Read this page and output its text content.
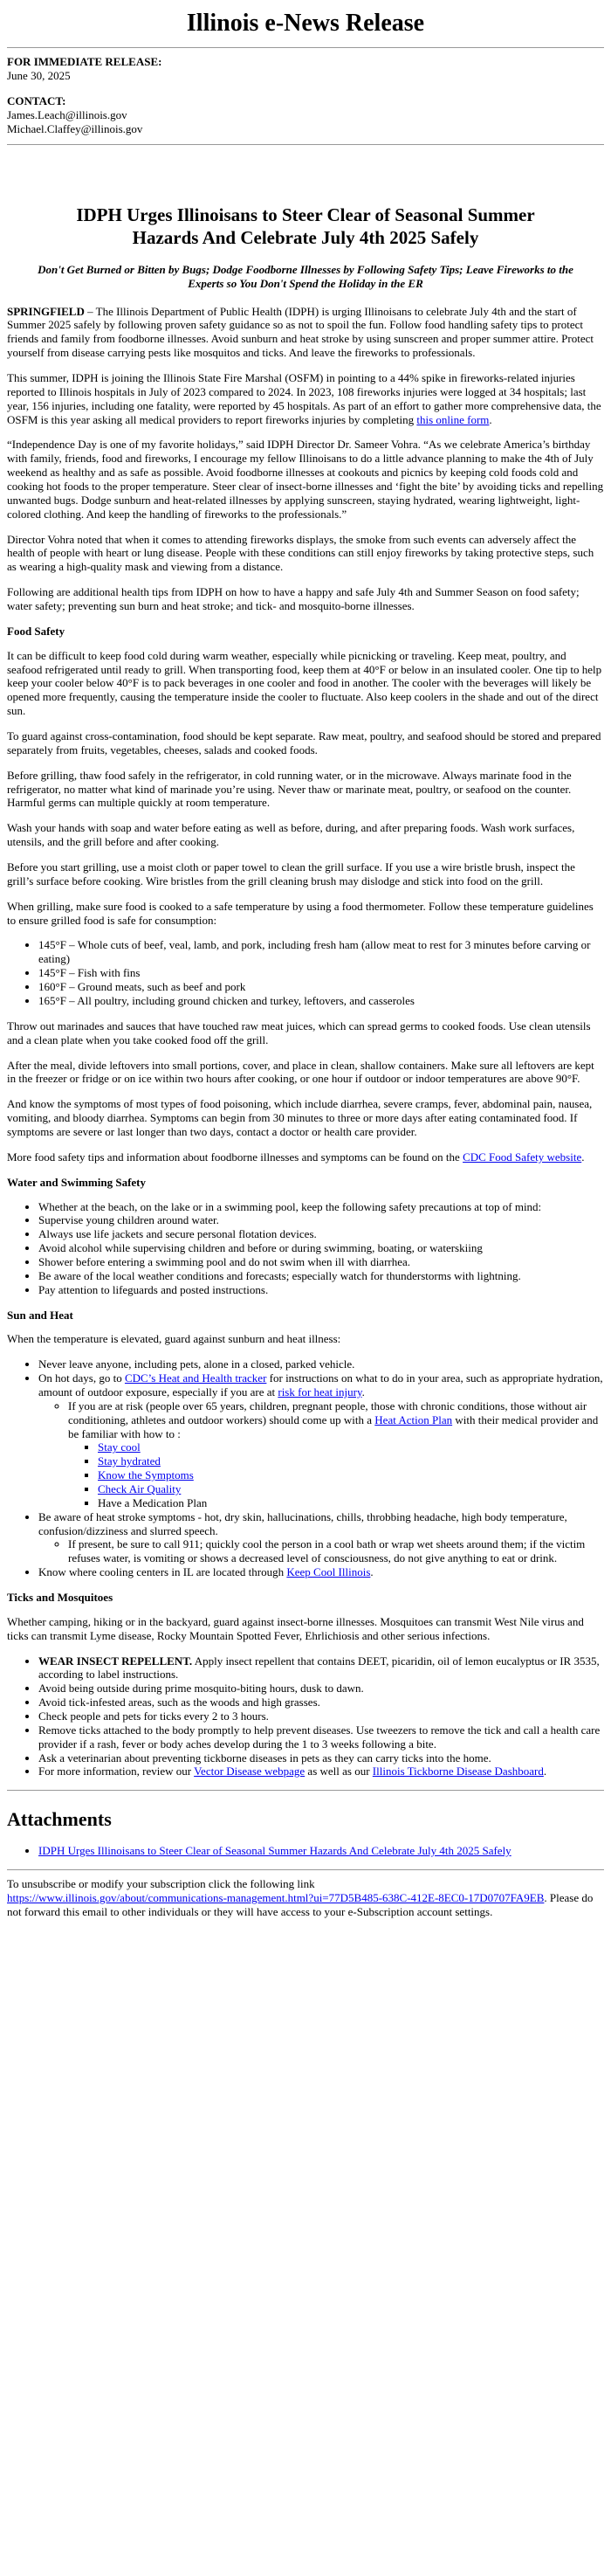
Illinois e-News Release

FOR IMMEDIATE RELEASE:

June 30, 2025

CONTACT:

James.Leach@illinois.gov

Michael.Claffey@illinois.gov

IDPH Urges Illinoisans to Steer Clear of Seasonal Summer Hazards And Celebrate July 4th 2025 Safely

Don't Get Burned or Bitten by Bugs; Dodge Foodborne Illnesses by Following Safety Tips; Leave Fireworks to the Experts so You Don't Spend the Holiday in the ER

SPRINGFIELD – The Illinois Department of Public Health (IDPH) is urging Illinoisans to celebrate July 4th and the start of Summer 2025 safely by following proven safety guidance so as not to spoil the fun. Follow food handling safety tips to protect friends and family from foodborne illnesses. Avoid sunburn and heat stroke by using sunscreen and proper summer attire. Protect yourself from disease carrying pests like mosquitos and ticks. And leave the fireworks to professionals.

This summer, IDPH is joining the Illinois State Fire Marshal (OSFM) in pointing to a 44% spike in fireworks-related injuries reported to Illinois hospitals in July of 2023 compared to 2024. In 2023, 108 fireworks injuries were logged at 34 hospitals; last year, 156 injuries, including one fatality, were reported by 45 hospitals. As part of an effort to gather more comprehensive data, the OSFM is this year asking all medical providers to report fireworks injuries by completing this online form.

“Independence Day is one of my favorite holidays,” said IDPH Director Dr. Sameer Vohra. “As we celebrate America’s birthday with family, friends, food and fireworks, I encourage my fellow Illinoisans to do a little advance planning to make the 4th of July weekend as healthy and as safe as possible. Avoid foodborne illnesses at cookouts and picnics by keeping cold foods cold and cooking hot foods to the proper temperature. Steer clear of insect-borne illnesses and ‘fight the bite’ by avoiding ticks and repelling unwanted bugs. Dodge sunburn and heat-related illnesses by applying sunscreen, staying hydrated, wearing lightweight, light-colored clothing. And keep the handling of fireworks to the professionals.”

Director Vohra noted that when it comes to attending fireworks displays, the smoke from such events can adversely affect the health of people with heart or lung disease. People with these conditions can still enjoy fireworks by taking protective steps, such as wearing a high-quality mask and viewing from a distance.

Following are additional health tips from IDPH on how to have a happy and safe July 4th and Summer Season on food safety; water safety; preventing sun burn and heat stroke; and tick- and mosquito-borne illnesses.

Food Safety

It can be difficult to keep food cold during warm weather, especially while picnicking or traveling. Keep meat, poultry, and seafood refrigerated until ready to grill. When transporting food, keep them at 40°F or below in an insulated cooler. One tip to help keep your cooler below 40°F is to pack beverages in one cooler and food in another. The cooler with the beverages will likely be opened more frequently, causing the temperature inside the cooler to fluctuate. Also keep coolers in the shade and out of the direct sun.

To guard against cross-contamination, food should be kept separate. Raw meat, poultry, and seafood should be stored and prepared separately from fruits, vegetables, cheeses, salads and cooked foods.

Before grilling, thaw food safely in the refrigerator, in cold running water, or in the microwave. Always marinate food in the refrigerator, no matter what kind of marinade you’re using. Never thaw or marinate meat, poultry, or seafood on the counter. Harmful germs can multiple quickly at room temperature.

Wash your hands with soap and water before eating as well as before, during, and after preparing foods. Wash work surfaces, utensils, and the grill before and after cooking.

Before you start grilling, use a moist cloth or paper towel to clean the grill surface. If you use a wire bristle brush, inspect the grill’s surface before cooking. Wire bristles from the grill cleaning brush may dislodge and stick into food on the grill.

When grilling, make sure food is cooked to a safe temperature by using a food thermometer. Follow these temperature guidelines to ensure grilled food is safe for consumption:

• 145°F – Whole cuts of beef, veal, lamb, and pork, including fresh ham (allow meat to rest for 3 minutes before carving or eating)
• 145°F – Fish with fins
• 160°F – Ground meats, such as beef and pork
• 165°F – All poultry, including ground chicken and turkey, leftovers, and casseroles

Throw out marinades and sauces that have touched raw meat juices, which can spread germs to cooked foods. Use clean utensils and a clean plate when you take cooked food off the grill.

After the meal, divide leftovers into small portions, cover, and place in clean, shallow containers. Make sure all leftovers are kept in the freezer or fridge or on ice within two hours after cooking, or one hour if outdoor or indoor temperatures are above 90°F.

And know the symptoms of most types of food poisoning, which include diarrhea, severe cramps, fever, abdominal pain, nausea, vomiting, and bloody diarrhea. Symptoms can begin from 30 minutes to three or more days after eating contaminated food. If symptoms are severe or last longer than two days, contact a doctor or health care provider.

More food safety tips and information about foodborne illnesses and symptoms can be found on the CDC Food Safety website.

Water and Swimming Safety
• Whether at the beach, on the lake or in a swimming pool, keep the following safety precautions at top of mind:
• Supervise young children around water.
• Always use life jackets and secure personal flotation devices.
• Avoid alcohol while supervising children and before or during swimming, boating, or waterskiing
• Shower before entering a swimming pool and do not swim when ill with diarrhea.
• Be aware of the local weather conditions and forecasts; especially watch for thunderstorms with lightning.
• Pay attention to lifeguards and posted instructions.
Sun and Heat

When the temperature is elevated, guard against sunburn and heat illness:

• Never leave anyone, including pets, alone in a closed, parked vehicle.
• On hot days, go to CDC’s Heat and Health tracker for instructions on what to do in your area, such as appropriate hydration, amount of outdoor exposure, especially if you are at risk for heat injury.
◦ If you are at risk (people over 65 years, children, pregnant people, those with chronic conditions, those without air conditioning, athletes and outdoor workers) should come up with a Heat Action Plan with their medical provider and be familiar with how to :
▪ Stay cool
▪ Stay hydrated
▪ Know the Symptoms
▪ Check Air Quality
▪ Have a Medication Plan
• Be aware of heat stroke symptoms - hot, dry skin, hallucinations, chills, throbbing headache, high body temperature, confusion/dizziness and slurred speech.
◦ If present, be sure to call 911; quickly cool the person in a cool bath or wrap wet sheets around them; if the victim refuses water, is vomiting or shows a decreased level of consciousness, do not give anything to eat or drink.
• Know where cooling centers in IL are located through Keep Cool Illinois.
Ticks and Mosquitoes

Whether camping, hiking or in the backyard, guard against insect-borne illnesses. Mosquitoes can transmit West Nile virus and ticks can transmit Lyme disease, Rocky Mountain Spotted Fever, Ehrlichiosis and other serious infections.

• WEAR INSECT REPELLENT. Apply insect repellent that contains DEET, picaridin, oil of lemon eucalyptus or IR 3535, according to label instructions.
• Avoid being outside during prime mosquito-biting hours, dusk to dawn.
• Avoid tick-infested areas, such as the woods and high grasses.
• Check people and pets for ticks every 2 to 3 hours.
• Remove ticks attached to the body promptly to help prevent diseases. Use tweezers to remove the tick and call a health care provider if a rash, fever or body aches develop during the 1 to 3 weeks following a bite.
• Ask a veterinarian about preventing tickborne diseases in pets as they can carry ticks into the home.
• For more information, review our Vector Disease webpage as well as our Illinois Tickborne Disease Dashboard.
Attachments
• IDPH Urges Illinoisans to Steer Clear of Seasonal Summer Hazards And Celebrate July 4th 2025 Safely

To unsubscribe or modify your subscription click the following link

https://www.illinois.gov/about/communications-management.html?ui=77D5B485-638C-412E-8EC0-17D0707FA9EB. Please do not forward this email to other individuals or they will have access to your e-Subscription account settings.
